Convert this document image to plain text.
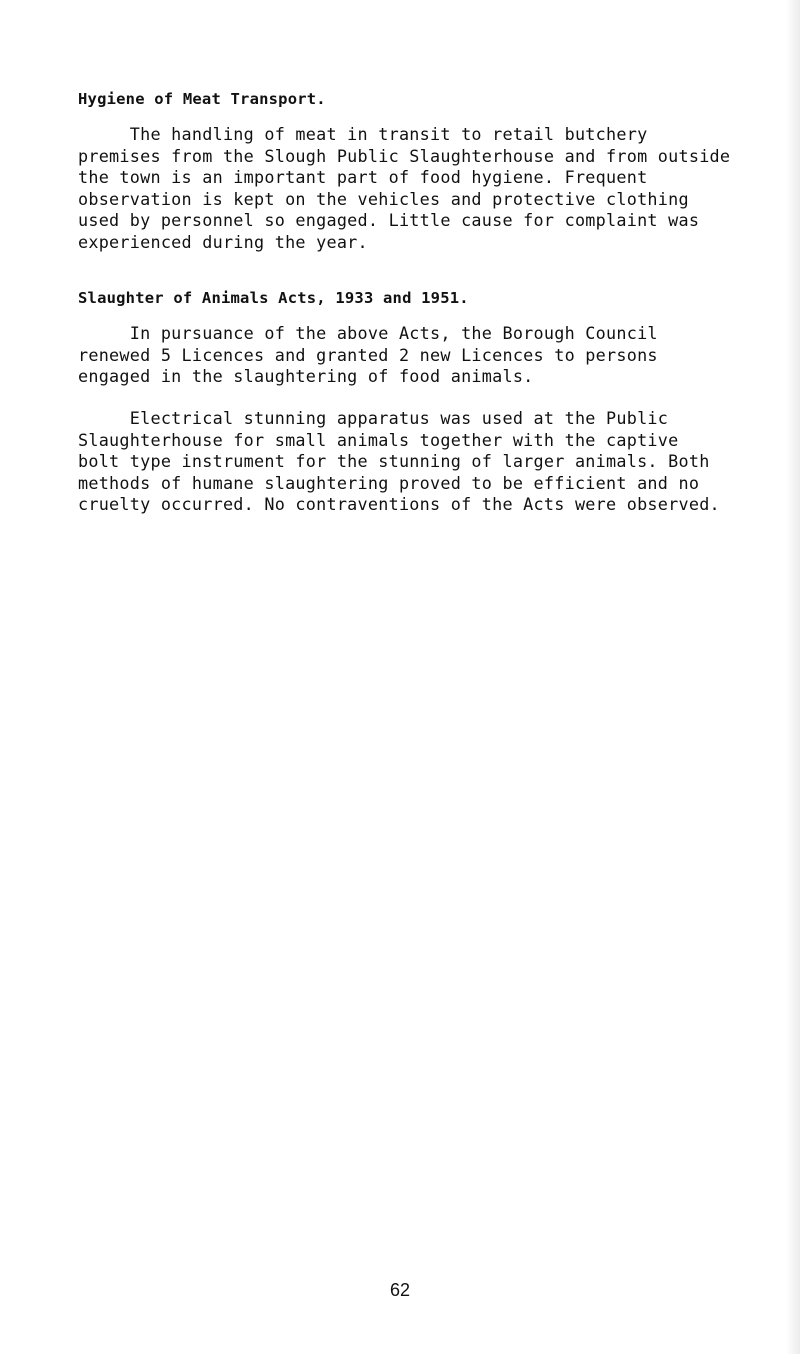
Hygiene of Meat Transport.

The handling of meat in transit to retail butchery
premises from the Slough Public Slaughterhouse and from outside
the town is an important part of food hygiene. Frequent
observation is kept on the vehicles and protective clothing
used by personnel so engaged. Little cause for complaint was
experienced during the year.

Slaughter of Animals Acts, 1933 and 1951.

In pursuance of the above Acts, the Borough Council
renewed 5 Licences and granted 2 new Licences to persons
engaged in the slaughtering of food animals.

Electrical stunning apparatus was used at the Public
Slaughterhouse for small animals together with the captive
bolt type instrument for the stunning of larger animals. Both
methods of humane slaughtering proved to be efficient and no
cruelty occurred. No contraventions of the Acts were observed.

62
